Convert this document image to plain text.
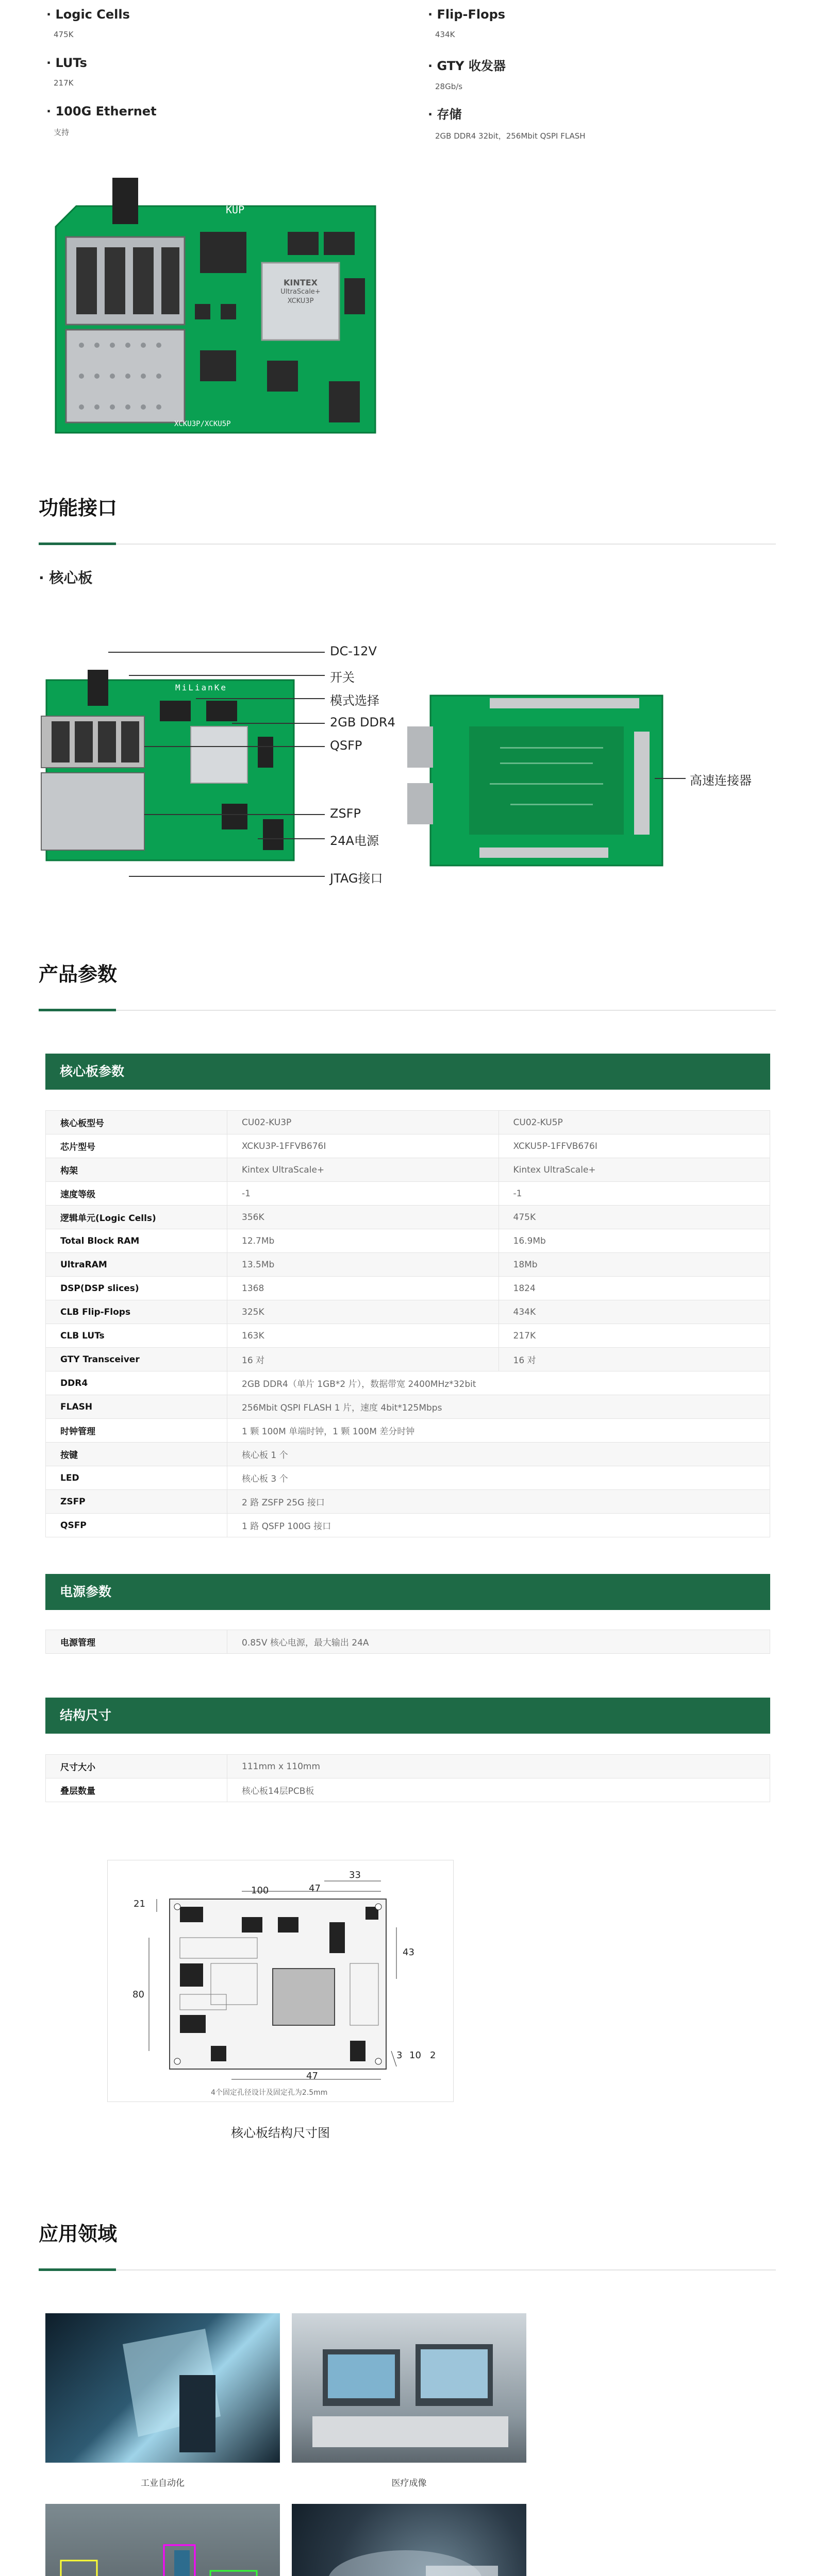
· Logic Cells
475K
· Flip-Flops
434K
· LUTs
217K
· GTY 收发器
28Gb/s
· 100G Ethernet
支持
· 存储
2GB DDR4 32bit，256Mbit QSPI FLASH
MiLianKe
KUP
KINTEX
UltraScale+
XCKU3P
XCKU3P/XCKU5P
功能接口
· 核心板
MiLianKe
DC-12V
开关
模式选择
2GB DDR4
QSFP
ZSFP
24A电源
JTAG接口
高速连接器
产品参数
核心板参数
核心板型号	CU02-KU3P	CU02-KU5P
芯片型号	XCKU3P-1FFVB676I	XCKU5P-1FFVB676I
构架	Kintex UltraScale+	Kintex UltraScale+
速度等级	-1	-1
逻辑单元(Logic Cells)	356K	475K
Total Block RAM	12.7Mb	16.9Mb
UltraRAM	13.5Mb	18Mb
DSP(DSP slices)	1368	1824
CLB Flip-Flops	325K	434K
CLB LUTs	163K	217K
GTY Transceiver	16 对	16 对
DDR4	2GB DDR4（单片 1GB*2 片），数据带宽 2400MHz*32bit	
FLASH	256Mbit QSPI FLASH 1 片，速度 4bit*125Mbps	
时钟管理	1 颗 100M 单端时钟，1 颗 100M 差分时钟	
按键	核心板 1 个	
LED	核心板 3 个	
ZSFP	2 路 ZSFP 25G 接口	
QSFP	1 路 QSFP 100G 接口	
电源参数
电源管理	0.85V 核心电源，最大输出 24A
结构尺寸
尺寸大小	111mm x 110mm
叠层数量	核心板14层PCB板
33
47
100
21
43
80
47
3 10 2
4个固定孔径设计及固定孔为2.5mm
核心板结构尺寸图
应用领域
工业自动化	医疗成像
